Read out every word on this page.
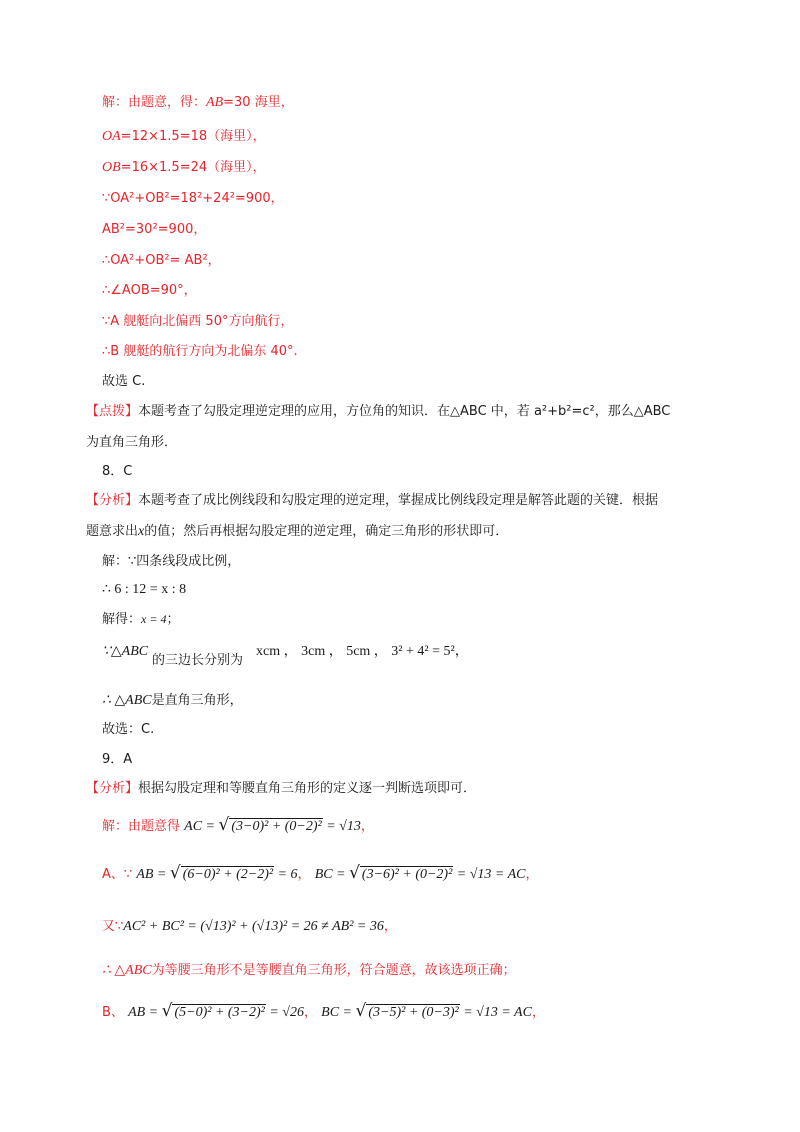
解：由题意，得：AB=30 海里，
OA=12×1.5=18（海里），
OB=16×1.5=24（海里），
∵OA²+OB²=18²+24²=900，
AB²=30²=900，
∴OA²+OB²= AB²，
∴∠AOB=90°，
∵A 舰艇向北偏西 50°方向航行，
∴B 舰艇的航行方向为北偏东 40°.
故选 C.
【点拨】本题考查了勾股定理逆定理的应用，方位角的知识．在△ABC 中，若 a²+b²=c²，那么△ABC
为直角三角形．
8．C
【分析】本题考查了成比例线段和勾股定理的逆定理，掌握成比例线段定理是解答此题的关键．根据
题意求出x的值；然后再根据勾股定理的逆定理，确定三角形的形状即可．
解：∵四条线段成比例，
∴ 6 : 12 = x : 8
解得：x = 4；
∵△ABC
的三边长分别为
xcm ， 3cm ， 5cm ， 3² + 4² = 5²，
∴ △ABC是直角三角形，
故选：C.
9．A
【分析】根据勾股定理和等腰直角三角形的定义逐一判断选项即可．
解：由题意得 AC = √ (3−0)² + (0−2)² = √13，
A、∵ AB = √ (6−0)² + (2−2)² = 6， BC = √ (3−6)² + (0−2)² = √13 = AC，
又∵AC² + BC² = (√13)² + (√13)² = 26 ≠ AB² = 36，
∴ △ABC为等腰三角形不是等腰直角三角形，符合题意，故该选项正确；
B、 AB = √ (5−0)² + (3−2)² = √26， BC = √ (3−5)² + (0−3)² = √13 = AC，
